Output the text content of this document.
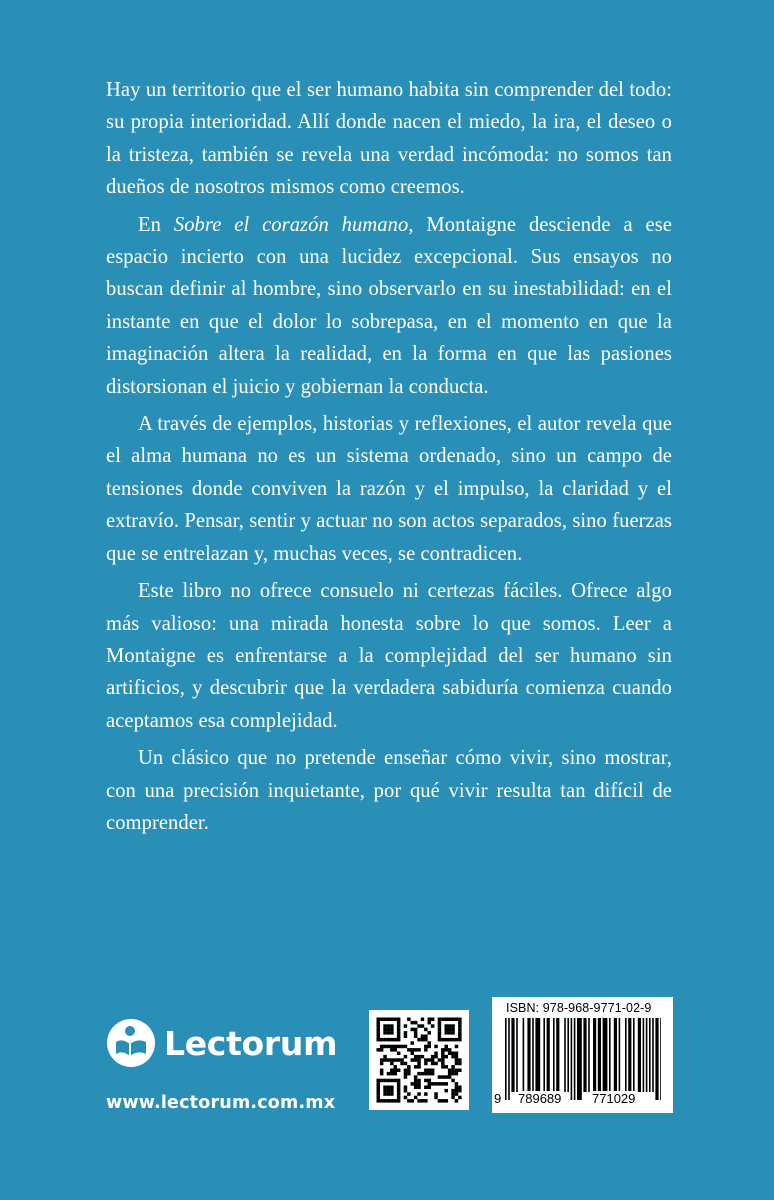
Hay un territorio que el ser humano habita sin comprender del todo: su propia interioridad. Allí donde nacen el miedo, la ira, el deseo o la tristeza, también se revela una verdad incómoda: no somos tan dueños de nosotros mismos como creemos.

En Sobre el corazón humano, Montaigne desciende a ese espacio incierto con una lucidez excepcional. Sus ensayos no buscan definir al hombre, sino observarlo en su inestabilidad: en el instante en que el dolor lo sobrepasa, en el momento en que la imaginación altera la realidad, en la forma en que las pasiones distorsionan el juicio y gobiernan la conducta.

A través de ejemplos, historias y reflexiones, el autor revela que el alma humana no es un sistema ordenado, sino un campo de tensiones donde conviven la razón y el impulso, la claridad y el extravío. Pensar, sentir y actuar no son actos separados, sino fuerzas que se entrelazan y, muchas veces, se contradicen.

Este libro no ofrece consuelo ni certezas fáciles. Ofrece algo más valioso: una mirada honesta sobre lo que somos. Leer a Montaigne es enfrentarse a la complejidad del ser humano sin artificios, y descubrir que la verdadera sabiduría comienza cuando aceptamos esa complejidad.

Un clásico que no pretende enseñar cómo vivir, sino mostrar, con una precisión inquietante, por qué vivir resulta tan difícil de comprender.

Lectorum
www.lectorum.com.mx
ISBN: 978-968-9771-02-9
9 789689 771029
